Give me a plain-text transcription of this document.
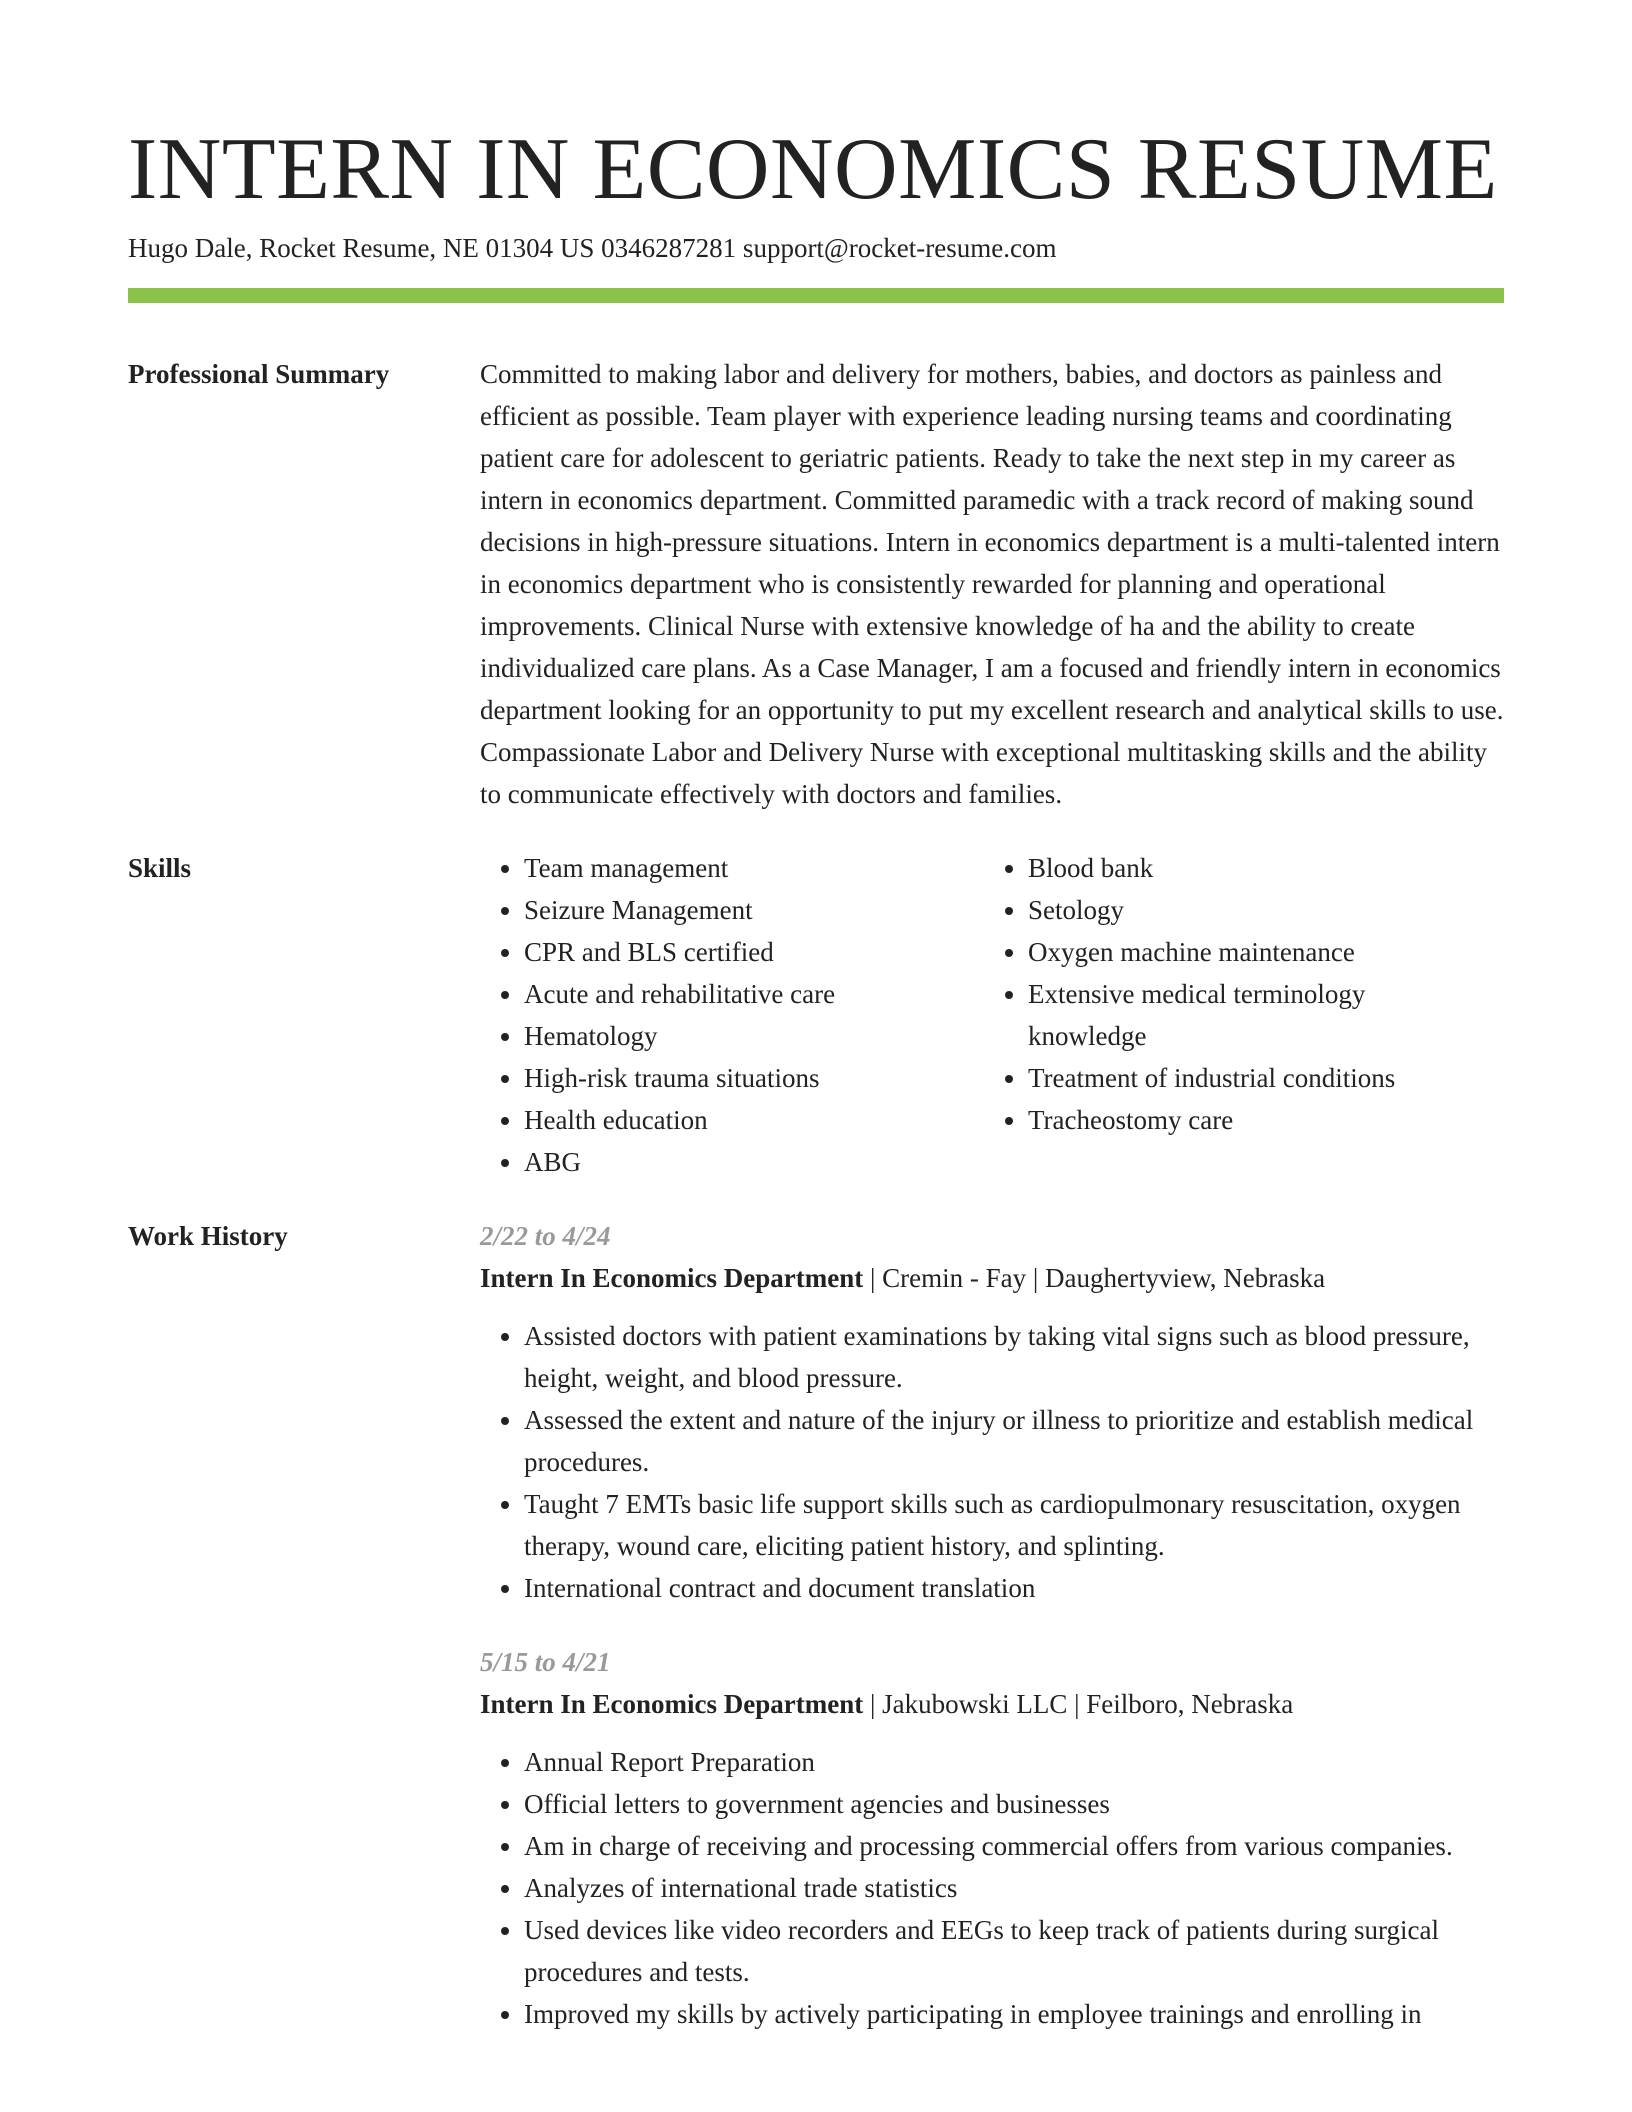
INTERN IN ECONOMICS RESUME
Hugo Dale, Rocket Resume, NE 01304 US 0346287281 support@rocket-resume.com
Professional Summary	Committed to making labor and delivery for mothers, babies, and doctors as painless and efficient as possible. Team player with experience leading nursing teams and coordinating patient care for adolescent to geriatric patients. Ready to take the next step in my career as intern in economics department. Committed paramedic with a track record of making sound decisions in high-pressure situations. Intern in economics department is a multi-talented intern in economics department who is consistently rewarded for planning and operational improvements. Clinical Nurse with extensive knowledge of ha and the ability to create individualized care plans. As a Case Manager, I am a focused and friendly intern in economics department looking for an opportunity to put my excellent research and analytical skills to use. Compassionate Labor and Delivery Nurse with exceptional multitasking skills and the ability to communicate effectively with doctors and families.
Skills
•	Team management
• Seizure Management
• CPR and BLS certified
• Acute and rehabilitative care
• Hematology
• High-risk trauma situations
• Health education
• ABG
• Blood bank
• Setology
• Oxygen machine maintenance
• Extensive medical terminology knowledge
• Treatment of industrial conditions
• Tracheostomy care
Work History	2/22 to 4/24
Intern In Economics Department | Cremin - Fay | Daughertyview, Nebraska
• Assisted doctors with patient examinations by taking vital signs such as blood pressure, height, weight, and blood pressure.
• Assessed the extent and nature of the injury or illness to prioritize and establish medical procedures.
• Taught 7 EMTs basic life support skills such as cardiopulmonary resuscitation, oxygen therapy, wound care, eliciting patient history, and splinting.
• International contract and document translation
5/15 to 4/21
Intern In Economics Department | Jakubowski LLC | Feilboro, Nebraska
• Annual Report Preparation
• Official letters to government agencies and businesses
• Am in charge of receiving and processing commercial offers from various companies.
• Analyzes of international trade statistics
• Used devices like video recorders and EEGs to keep track of patients during surgical procedures and tests.
• Improved my skills by actively participating in employee trainings and enrolling in
